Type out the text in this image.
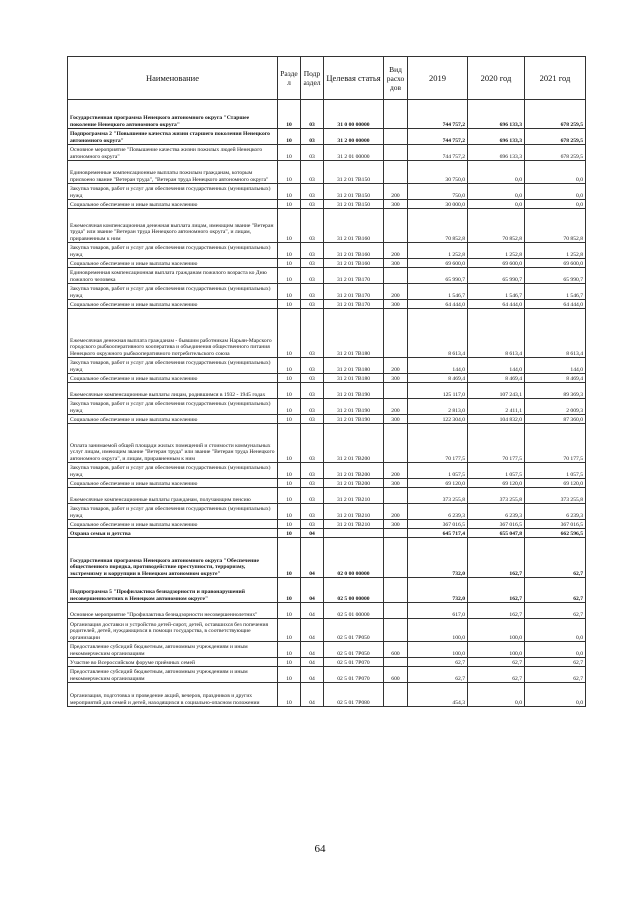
Наименование	Разде л	Подр аздел	Целевая статья	Вид расхо дов	2019	2020 год	2021 год
Государственная программа Ненецкого автономного округа "Старшее поколение Ненецкого автономного округа"	10	03	31 0 00 00000		744 757,2	696 133,3	678 259,5
Подпрограмма 2 "Повышение качества жизни старшего поколения Ненецкого автономного округа"	10	03	31 2 00 00000		744 757,2	696 133,3	678 259,5
Основное мероприятие "Повышение качества жизни пожилых людей Ненецкого автономного округа"	10	03	31 2 01 00000		744 757,2	696 133,3	678 259,5
Единовременные компенсационные выплаты пожилым гражданам, которым присвоено звание "Ветеран труда", "Ветеран труда Ненецкого автономного округа"	10	03	31 2 01 7В150		30 750,0	0,0	0,0
Закупка товаров, работ и услуг для обеспечения государственных (муниципальных) нужд	10	03	31 2 01 7В150	200	750,0	0,0	0,0
Социальное обеспечение и иные выплаты населению	10	03	31 2 01 7В150	300	30 000,0	0,0	0,0
Ежемесячная компенсационная денежная выплата лицам, имеющим звание "Ветеран труда" или звание "Ветеран труда Ненецкого автономного округа", и лицам, приравненным к ним	10	03	31 2 01 7В160		70 852,8	70 852,8	70 852,8
Закупка товаров, работ и услуг для обеспечения государственных (муниципальных) нужд	10	03	31 2 01 7В160	200	1 252,8	1 252,8	1 252,8
Социальное обеспечение и иные выплаты населению	10	03	31 2 01 7В160	300	69 600,0	69 600,0	69 600,0
Единовременная компенсационная выплата гражданам пожилого возраста ко Дню пожилого человека	10	03	31 2 01 7В170		65 990,7	65 990,7	65 990,7
Закупка товаров, работ и услуг для обеспечения государственных (муниципальных) нужд	10	03	31 2 01 7В170	200	1 546,7	1 546,7	1 546,7
Социальное обеспечение и иные выплаты населению	10	03	31 2 01 7В170	300	64 444,0	64 444,0	64 444,0
Ежемесячная денежная выплата гражданам - бывшим работникам Нарьян-Марского городского рыбкооперативного кооператива и объединения общественного питания Ненецкого окружного рыбкооперативного потребительского союза	10	03	31 2 01 7В180		8 613,4	8 613,4	8 613,4
Закупка товаров, работ и услуг для обеспечения государственных (муниципальных) нужд	10	03	31 2 01 7В180	200	144,0	144,0	144,0
Социальное обеспечение и иные выплаты населению	10	03	31 2 01 7В180	300	8 469,4	8 469,4	8 469,4
Ежемесячные компенсационные выплаты лицам, родившимся в 1932 - 1945 годах	10	03	31 2 01 7В190		125 117,0	107 243,1	89 369,3
Закупка товаров, работ и услуг для обеспечения государственных (муниципальных) нужд	10	03	31 2 01 7В190	200	2 813,0	2 411,1	2 009,3
Социальное обеспечение и иные выплаты населению	10	03	31 2 01 7В190	300	122 304,0	104 832,0	87 360,0
Оплата занимаемой общей площади жилых помещений и стоимости коммунальных услуг лицам, имеющим звание "Ветеран труда" или звание "Ветеран труда Ненецкого автономного округа", и лицам, приравненным к ним	10	03	31 2 01 7В200		70 177,5	70 177,5	70 177,5
Закупка товаров, работ и услуг для обеспечения государственных (муниципальных) нужд	10	03	31 2 01 7В200	200	1 057,5	1 057,5	1 057,5
Социальное обеспечение и иные выплаты населению	10	03	31 2 01 7В200	300	69 120,0	69 120,0	69 120,0
Ежемесячные компенсационные выплаты гражданам, получающим пенсию	10	03	31 2 01 7В210		373 255,8	373 255,8	373 255,8
Закупка товаров, работ и услуг для обеспечения государственных (муниципальных) нужд	10	03	31 2 01 7В210	200	6 239,3	6 239,3	6 239,3
Социальное обеспечение и иные выплаты населению	10	03	31 2 01 7В210	300	367 016,5	367 016,5	367 016,5
Охрана семьи и детства	10	04			645 717,4	655 047,8	662 596,5
Государственная программа Ненецкого автономного округа "Обеспечение общественного порядка, противодействие преступности, терроризму, экстремизму и коррупции в Ненецком автономном округе"	10	04	02 0 00 00000		732,0	162,7	62,7
Подпрограмма 5 "Профилактика безнадзорности и правонарушений несовершеннолетних в Ненецком автономном округе"	10	04	02 5 00 00000		732,0	162,7	62,7
Основное мероприятие "Профилактика безнадзорности несовершеннолетних"	10	04	02 5 01 00000		617,0	162,7	62,7
Организация доставки и устройство детей-сирот, детей, оставшихся без попечения родителей, детей, нуждающихся в помощи государства, в соответствующие организации	10	04	02 5 01 7Р050		100,0	100,0	0,0
Предоставление субсидий бюджетным, автономным учреждениям и иным некоммерческим организациям	10	04	02 5 01 7Р050	600	100,0	100,0	0,0
Участие во Всероссийском форуме приёмных семей	10	04	02 5 01 7Р070		62,7	62,7	62,7
Предоставление субсидий бюджетным, автономным учреждениям и иным некоммерческим организациям	10	04	02 5 01 7Р070	600	62,7	62,7	62,7
Организация, подготовка и проведение акций, вечеров, праздников и других мероприятий для семей и детей, находящихся в социально-опасном положении	10	04	02 5 01 7Р080		454,3	0,0	0,0
64
